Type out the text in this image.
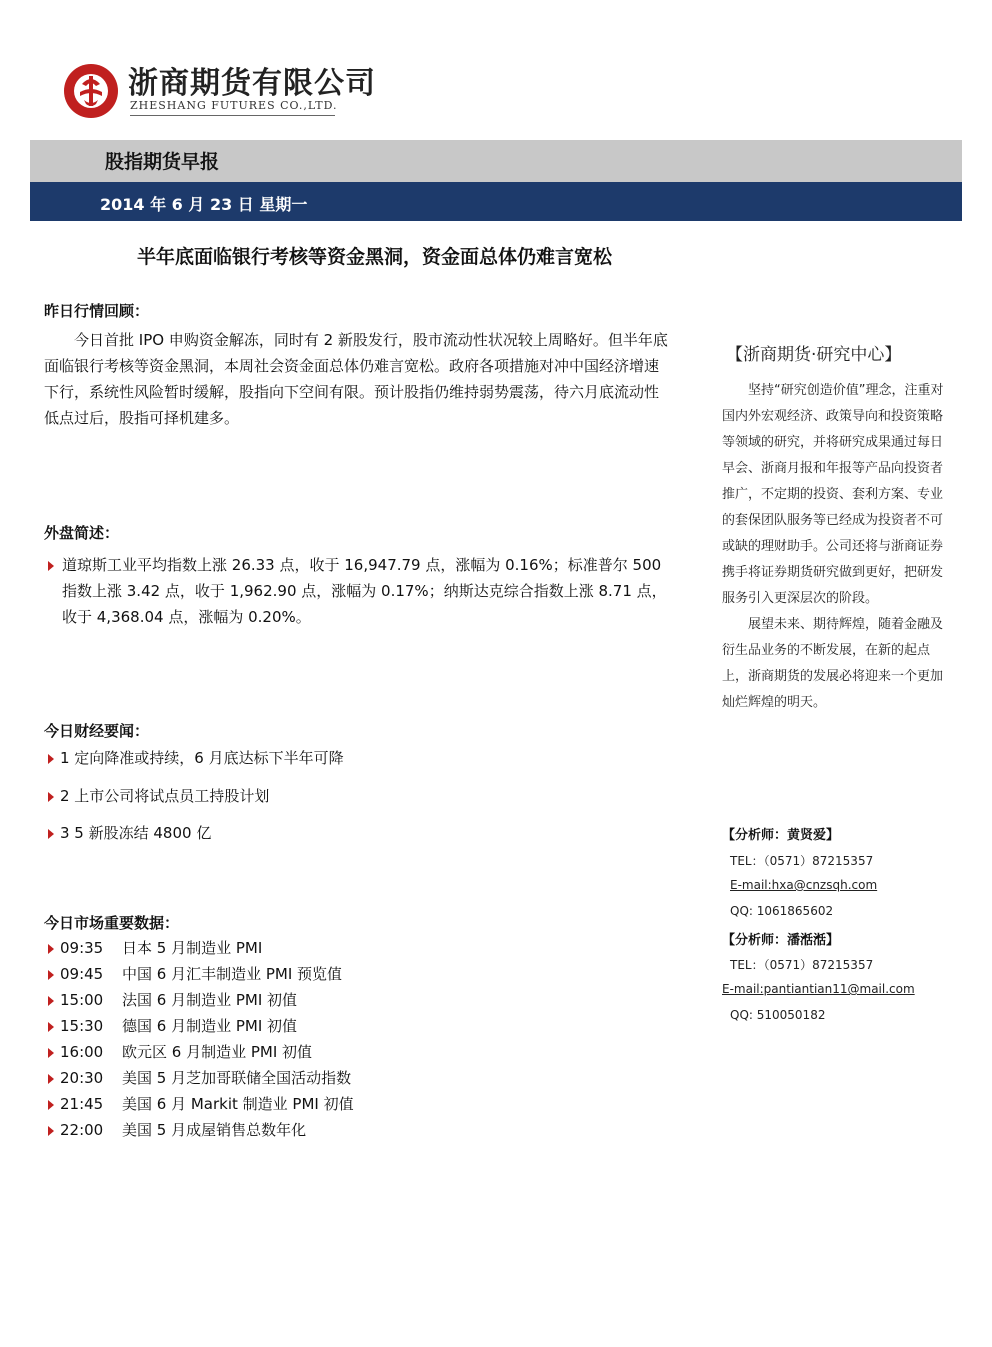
浙商期货有限公司
ZHESHANG FUTURES CO.,LTD.
股指期货早报
2014 年 6 月 23 日 星期一
半年底面临银行考核等资金黑洞，资金面总体仍难言宽松
昨日行情回顾：
今日首批 IPO 申购资金解冻，同时有 2 新股发行，股市流动性状况较上周略好。但半年底面临银行考核等资金黑洞，本周社会资金面总体仍难言宽松。政府各项措施对冲中国经济增速下行，系统性风险暂时缓解，股指向下空间有限。预计股指仍维持弱势震荡，待六月底流动性低点过后，股指可择机建多。
外盘简述：
道琼斯工业平均指数上涨 26.33 点，收于 16,947.79 点，涨幅为 0.16%；标准普尔 500 指数上涨 3.42 点，收于 1,962.90 点，涨幅为 0.17%；纳斯达克综合指数上涨 8.71 点，收于 4,368.04 点，涨幅为 0.20%。
今日财经要闻：
1 定向降准或持续，6 月底达标下半年可降
2 上市公司将试点员工持股计划
3 5 新股冻结 4800 亿
今日市场重要数据：
09:35 日本 5 月制造业 PMI
09:45 中国 6 月汇丰制造业 PMI 预览值
15:00 法国 6 月制造业 PMI 初值
15:30 德国 6 月制造业 PMI 初值
16:00 欧元区 6 月制造业 PMI 初值
20:30 美国 5 月芝加哥联储全国活动指数
21:45 美国 6 月 Markit 制造业 PMI 初值
22:00 美国 5 月成屋销售总数年化
【浙商期货·研究中心】

坚持“研究创造价值”理念，注重对国内外宏观经济、政策导向和投资策略等领域的研究，并将研究成果通过每日早会、浙商月报和年报等产品向投资者推广，不定期的投资、套利方案、专业的套保团队服务等已经成为投资者不可或缺的理财助手。公司还将与浙商证券携手将证券期货研究做到更好，把研发服务引入更深层次的阶段。

展望未来、期待辉煌，随着金融及衍生品业务的不断发展，在新的起点上，浙商期货的发展必将迎来一个更加灿烂辉煌的明天。

【分析师：黄贤爱】
TEL：（0571）87215357
E-mail:hxa@cnzsqh.com
QQ: 1061865602
【分析师：潘湉湉】
TEL：（0571）87215357
E-mail:pantiantian11@mail.com
QQ: 510050182
